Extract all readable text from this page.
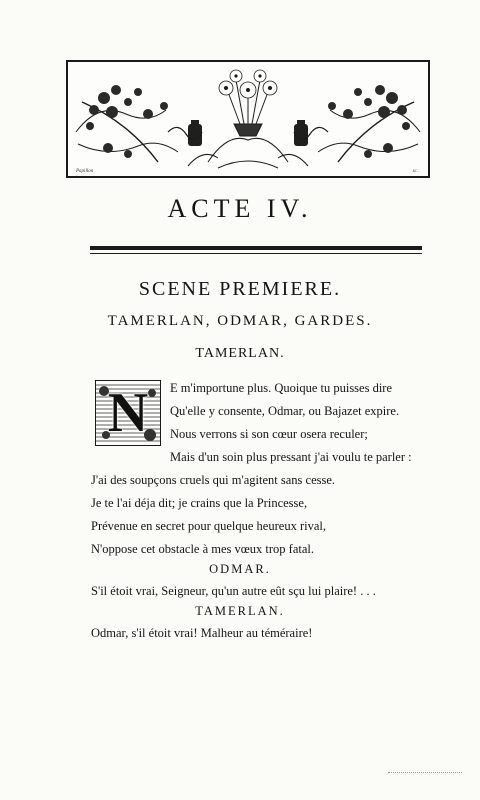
Papillon	sc.
ACTE IV.
SCENE PREMIERE.
TAMERLAN, ODMAR, GARDES.
TAMERLAN.
N	E m'importune plus. Quoique tu puisses dire
Qu'elle y consente, Odmar, ou Bajazet expire.
Nous verrons si son cœur osera reculer;
Mais d'un soin plus pressant j'ai voulu te parler :
J'ai des soupçons cruels qui m'agitent sans cesse.
Je te l'ai déja dit; je crains que la Princesse,
Prévenue en secret pour quelque heureux rival,
N'oppose cet obstacle à mes vœux trop fatal.
ODMAR.
S'il étoit vrai, Seigneur, qu'un autre eût sçu lui plaire! . . .
TAMERLAN.
Odmar, s'il étoit vrai! Malheur au téméraire!
